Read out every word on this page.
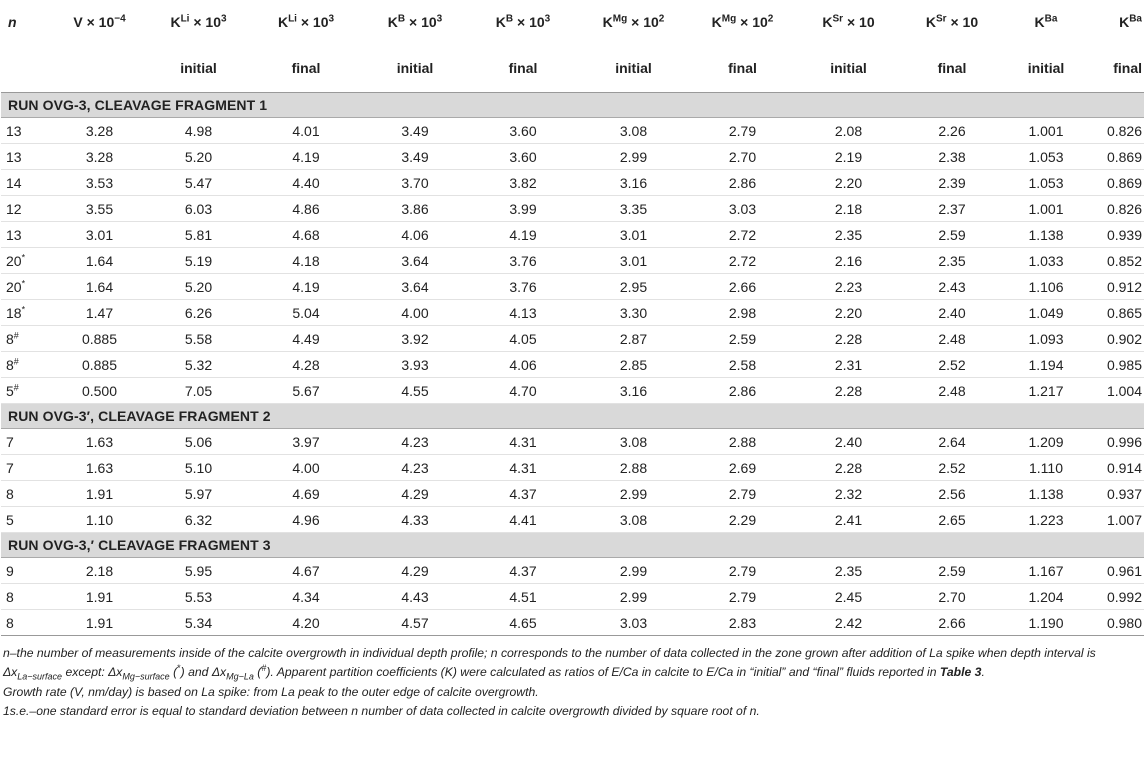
n	$V \times 10^{-4}$	$K^{Li} \times 10^3$	$K^{Li} \times 10^3$	$K^B \times 10^3$	$K^B \times 10^3$	$K^{Mg} \times 10^2$	$K^{Mg} \times 10^2$	$K^{Sr} \times 10$	$K^{Sr} \times 10$	$K^{Ba}$	$K^{Ba}$
		initial	final	initial	final	initial	final	initial	final	initial	final
RUN OVG-3, CLEAVAGE FRAGMENT 1											
13	3.28	4.98	4.01	3.49	3.60	3.08	2.79	2.08	2.26	1.001	0.826
13	3.28	5.20	4.19	3.49	3.60	2.99	2.70	2.19	2.38	1.053	0.869
14	3.53	5.47	4.40	3.70	3.82	3.16	2.86	2.20	2.39	1.053	0.869
12	3.55	6.03	4.86	3.86	3.99	3.35	3.03	2.18	2.37	1.001	0.826
13	3.01	5.81	4.68	4.06	4.19	3.01	2.72	2.35	2.59	1.138	0.939
20*	1.64	5.19	4.18	3.64	3.76	3.01	2.72	2.16	2.35	1.033	0.852
20*	1.64	5.20	4.19	3.64	3.76	2.95	2.66	2.23	2.43	1.106	0.912
18*	1.47	6.26	5.04	4.00	4.13	3.30	2.98	2.20	2.40	1.049	0.865
8#	0.885	5.58	4.49	3.92	4.05	2.87	2.59	2.28	2.48	1.093	0.902
8#	0.885	5.32	4.28	3.93	4.06	2.85	2.58	2.31	2.52	1.194	0.985
5#	0.500	7.05	5.67	4.55	4.70	3.16	2.86	2.28	2.48	1.217	1.004
RUN OVG-3′, CLEAVAGE FRAGMENT 2											
7	1.63	5.06	3.97	4.23	4.31	3.08	2.88	2.40	2.64	1.209	0.996
7	1.63	5.10	4.00	4.23	4.31	2.88	2.69	2.28	2.52	1.110	0.914
8	1.91	5.97	4.69	4.29	4.37	2.99	2.79	2.32	2.56	1.138	0.937
5	1.10	6.32	4.96	4.33	4.41	3.08	2.29	2.41	2.65	1.223	1.007
RUN OVG-3,′ CLEAVAGE FRAGMENT 3											
9	2.18	5.95	4.67	4.29	4.37	2.99	2.79	2.35	2.59	1.167	0.961
8	1.91	5.53	4.34	4.43	4.51	2.99	2.79	2.45	2.70	1.204	0.992
8	1.91	5.34	4.20	4.57	4.65	3.03	2.83	2.42	2.66	1.190	0.980

n–the number of measurements inside of the calcite overgrowth in individual depth profile; n corresponds to the number of data collected in the zone grown after addition of La spike when depth interval is $\Delta x_{La-surface}$ except: $\Delta x_{Mg-surface}$ (*) and $\Delta x_{Mg-La}$ (#). Apparent partition coefficients (K) were calculated as ratios of E/Ca in calcite to E/Ca in “initial” and “final” fluids reported in Table 3.

Growth rate (V, nm/day) is based on La spike: from La peak to the outer edge of calcite overgrowth.

1s.e.–one standard error is equal to standard deviation between n number of data collected in calcite overgrowth divided by square root of n.
